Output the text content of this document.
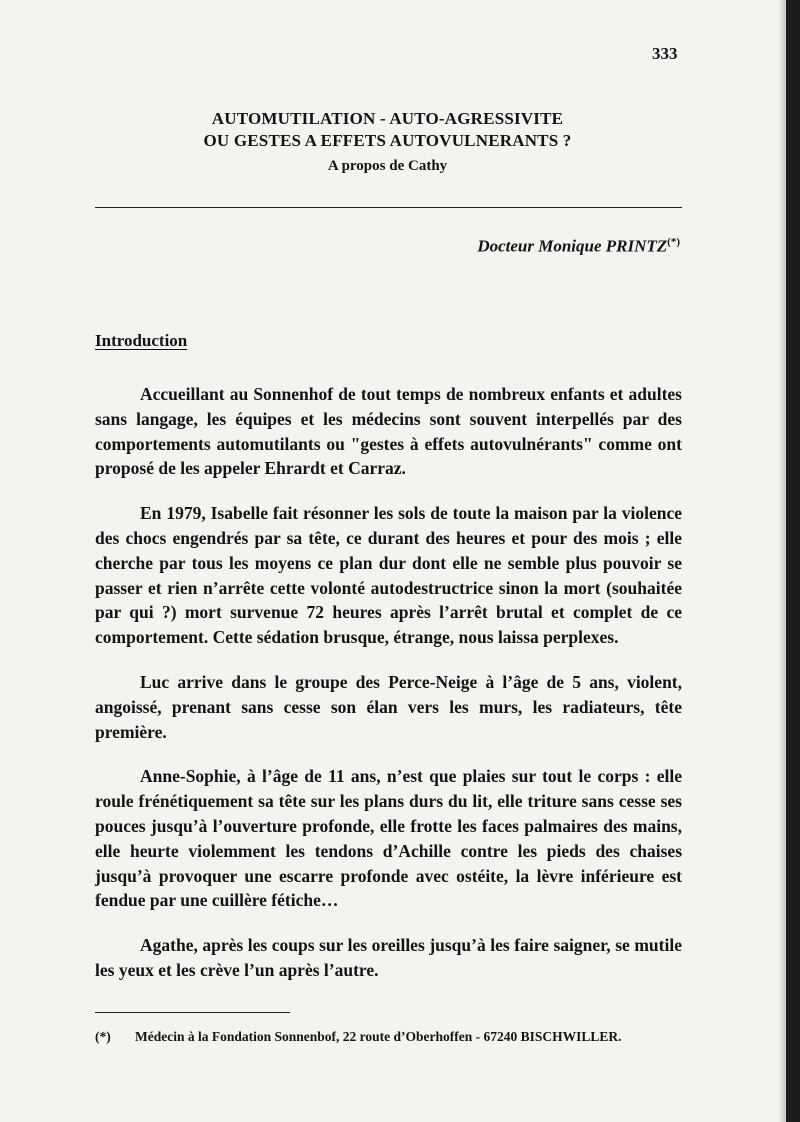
333
AUTOMUTILATION - AUTO-AGRESSIVITE
OU GESTES A EFFETS AUTOVULNERANTS ?
A propos de Cathy
Docteur Monique PRINTZ(*)
Introduction

Accueillant au Sonnenhof de tout temps de nombreux enfants et adultes sans langage, les équipes et les médecins sont souvent interpellés par des comportements automutilants ou "gestes à effets autovulnérants" comme ont proposé de les appeler Ehrardt et Carraz.

En 1979, Isabelle fait résonner les sols de toute la maison par la violence des chocs engendrés par sa tête, ce durant des heures et pour des mois ; elle cherche par tous les moyens ce plan dur dont elle ne semble plus pouvoir se passer et rien n’arrête cette volonté autodestructrice sinon la mort (souhaitée par qui ?) mort survenue 72 heures après l’arrêt brutal et complet de ce comportement. Cette sédation brusque, étrange, nous laissa perplexes.

Luc arrive dans le groupe des Perce-Neige à l’âge de 5 ans, violent, angoissé, prenant sans cesse son élan vers les murs, les radiateurs, tête première.

Anne-Sophie, à l’âge de 11 ans, n’est que plaies sur tout le corps : elle roule frénétiquement sa tête sur les plans durs du lit, elle triture sans cesse ses pouces jusqu’à l’ouverture profonde, elle frotte les faces palmaires des mains, elle heurte violemment les tendons d’Achille contre les pieds des chaises jusqu’à provoquer une escarre profonde avec ostéite, la lèvre inférieure est fendue par une cuillère fétiche…

Agathe, après les coups sur les oreilles jusqu’à les faire saigner, se mutile les yeux et les crève l’un après l’autre.

(*) Médecin à la Fondation Sonnenbof, 22 route d’Oberhoffen - 67240 BISCHWILLER.
